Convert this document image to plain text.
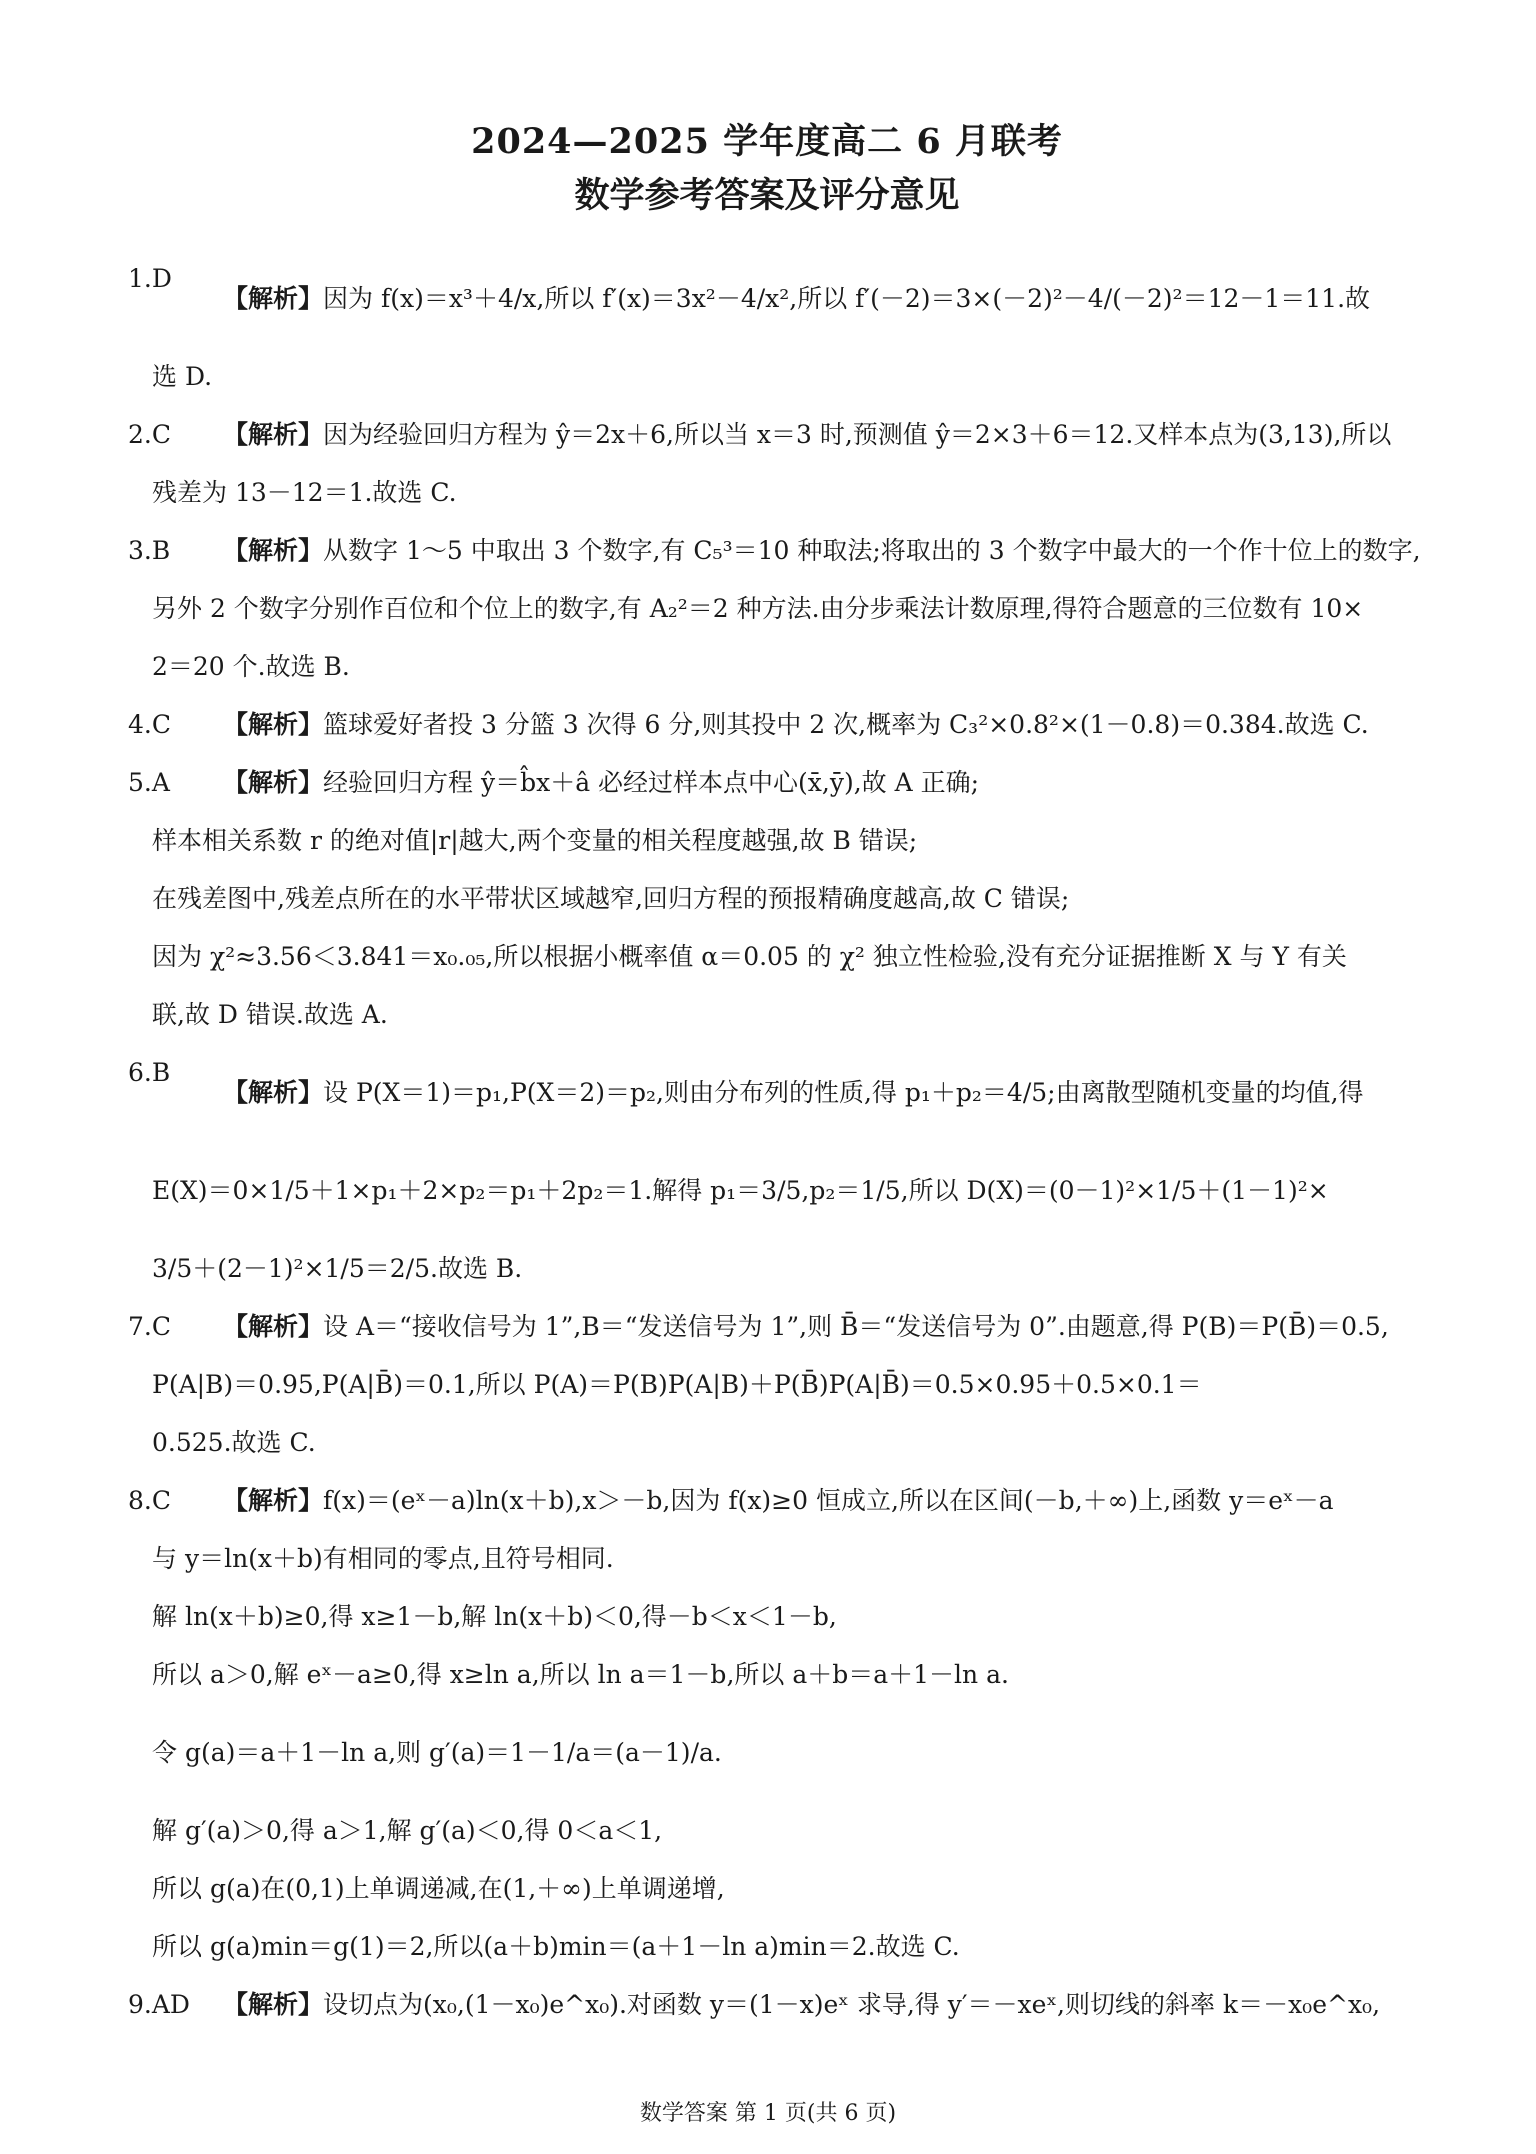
2024—2025 学年度高二 6 月联考
数学参考答案及评分意见
1.D
【解析】因为 f(x)＝x³＋4/x,所以 f′(x)＝3x²－4/x²,所以 f′(－2)＝3×(－2)²－4/(－2)²＝12－1＝11.故
选 D.
2.C	【解析】因为经验回归方程为 ŷ＝2x＋6,所以当 x＝3 时,预测值 ŷ＝2×3＋6＝12.又样本点为(3,13),所以
残差为 13－12＝1.故选 C.
3.B	【解析】从数字 1～5 中取出 3 个数字,有 C₅³＝10 种取法;将取出的 3 个数字中最大的一个作十位上的数字,
另外 2 个数字分别作百位和个位上的数字,有 A₂²＝2 种方法.由分步乘法计数原理,得符合题意的三位数有 10×
2＝20 个.故选 B.
4.C	【解析】篮球爱好者投 3 分篮 3 次得 6 分,则其投中 2 次,概率为 C₃²×0.8²×(1－0.8)＝0.384.故选 C.
5.A	【解析】经验回归方程 ŷ＝b̂x＋â 必经过样本点中心(x̄,ȳ),故 A 正确;
样本相关系数 r 的绝对值|r|越大,两个变量的相关程度越强,故 B 错误;
在残差图中,残差点所在的水平带状区域越窄,回归方程的预报精确度越高,故 C 错误;
因为 χ²≈3.56＜3.841＝x₀.₀₅,所以根据小概率值 α＝0.05 的 χ² 独立性检验,没有充分证据推断 X 与 Y 有关
联,故 D 错误.故选 A.
6.B
【解析】设 P(X＝1)＝p₁,P(X＝2)＝p₂,则由分布列的性质,得 p₁＋p₂＝4/5;由离散型随机变量的均值,得
E(X)＝0×1/5＋1×p₁＋2×p₂＝p₁＋2p₂＝1.解得 p₁＝3/5,p₂＝1/5,所以 D(X)＝(0－1)²×1/5＋(1－1)²×
3/5＋(2－1)²×1/5＝2/5.故选 B.
7.C	【解析】设 A＝“接收信号为 1”,B＝“发送信号为 1”,则 B̄＝“发送信号为 0”.由题意,得 P(B)＝P(B̄)＝0.5,
P(A|B)＝0.95,P(A|B̄)＝0.1,所以 P(A)＝P(B)P(A|B)＋P(B̄)P(A|B̄)＝0.5×0.95＋0.5×0.1＝
0.525.故选 C.
8.C	【解析】f(x)＝(eˣ－a)ln(x＋b),x＞－b,因为 f(x)≥0 恒成立,所以在区间(－b,＋∞)上,函数 y＝eˣ－a
与 y＝ln(x＋b)有相同的零点,且符号相同.
解 ln(x＋b)≥0,得 x≥1－b,解 ln(x＋b)＜0,得－b＜x＜1－b,
所以 a＞0,解 eˣ－a≥0,得 x≥ln a,所以 ln a＝1－b,所以 a＋b＝a＋1－ln a.
令 g(a)＝a＋1－ln a,则 g′(a)＝1－1/a＝(a－1)/a.
解 g′(a)＞0,得 a＞1,解 g′(a)＜0,得 0＜a＜1,
所以 g(a)在(0,1)上单调递减,在(1,＋∞)上单调递增,
所以 g(a)min＝g(1)＝2,所以(a＋b)min＝(a＋1－ln a)min＝2.故选 C.
9.AD	【解析】设切点为(x₀,(1－x₀)e^x₀).对函数 y＝(1－x)eˣ 求导,得 y′＝－xeˣ,则切线的斜率 k＝－x₀e^x₀,
数学答案 第 1 页(共 6 页)
